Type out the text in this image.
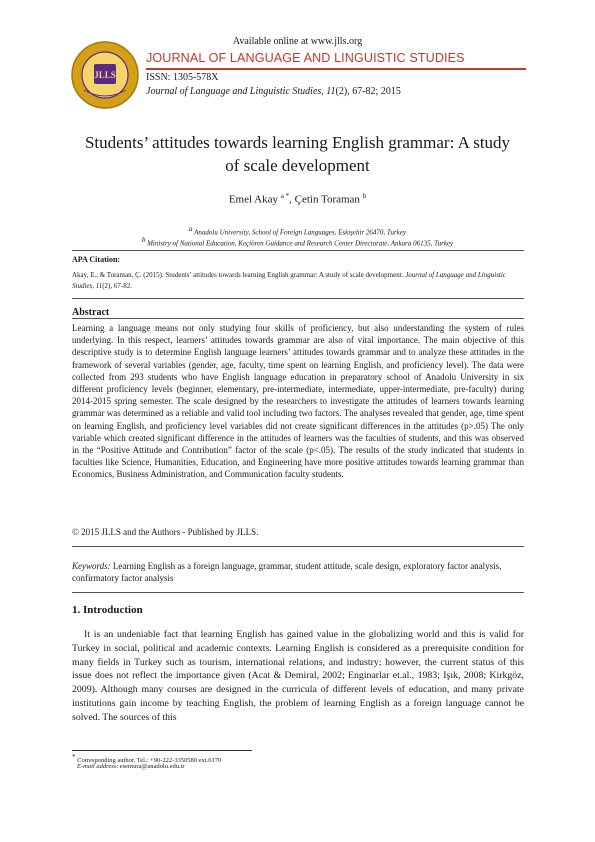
Available online at www.jlls.org
JLLS
JOURNAL OF LANGUAGE AND LINGUISTIC STUDIES
ISSN: 1305-578X
Journal of Language and Linguistic Studies, 11(2), 67-82; 2015
Students’ attitudes towards learning English grammar: A study of scale development
Emel Akay $^{a *}$, Çetin Toraman $^b$
$^a$ Anadolu University, School of Foreign Languages, Eskişehir 26470, Turkey
$^b$ Ministry of National Education, Keçiören Guidance and Research Center Directorate, Ankara 06135, Turkey
APA Citation:
Akay, E., & Toraman, Ç. (2015). Students’ attitudes towards learning English grammar: A study of scale development. Journal of Language and Linguistic Studies, 11(2), 67-82.
Abstract
Learning a language means not only studying four skills of proficiency, but also understanding the system of rules underlying. In this respect, learners’ attitudes towards grammar are also of vital importance. The main objective of this descriptive study is to determine English language learners’ attitudes towards grammar and to analyze these attitudes in the framework of several variables (gender, age, faculty, time spent on learning English, and proficiency level). The data were collected from 293 students who have English language education in preparatory school of Anadolu University in six different proficiency levels (beginner, elementary, pre-intermediate, intermediate, upper-intermediate, pre-faculty) during 2014-2015 spring semester. The scale designed by the researchers to investigate the attitudes of learners towards learning grammar was determined as a reliable and valid tool including two factors. The analyses revealed that gender, age, time spent on learning English, and proficiency level variables did not create significant differences in the attitudes (p>.05) The only variable which created significant difference in the attitudes of learners was the faculties of students, and this was observed in the “Positive Attitude and Contribution” factor of the scale (p<.05). The results of the study indicated that students in faculties like Science, Humanities, Education, and Engineering have more positive attitudes towards learning grammar than Economics, Business Administration, and Communication faculty students.
© 2015 JLLS and the Authors - Published by JLLS.
Keywords: Learning English as a foreign language, grammar, student attitude, scale design, exploratory factor analysis, confirmatory factor analysis
1. Introduction
It is an undeniable fact that learning English has gained value in the globalizing world and this is valid for Turkey in social, political and academic contexts. Learning English is considered as a prerequisite condition for many fields in Turkey such as tourism, international relations, and industry; however, the current status of this issue does not reflect the importance given (Acat & Demiral, 2002; Enginarlar et.al., 1983; Işık, 2008; Kirkgöz, 2009). Although many courses are designed in the curricula of different levels of education, and many private institutions gain income by teaching English, the problem of learning English as a foreign language cannot be solved. The sources of this
* Corresponding author. Tel.: +90-222-3350580 ext.6170
E-mail address: esentura@anadolu.edu.tr
